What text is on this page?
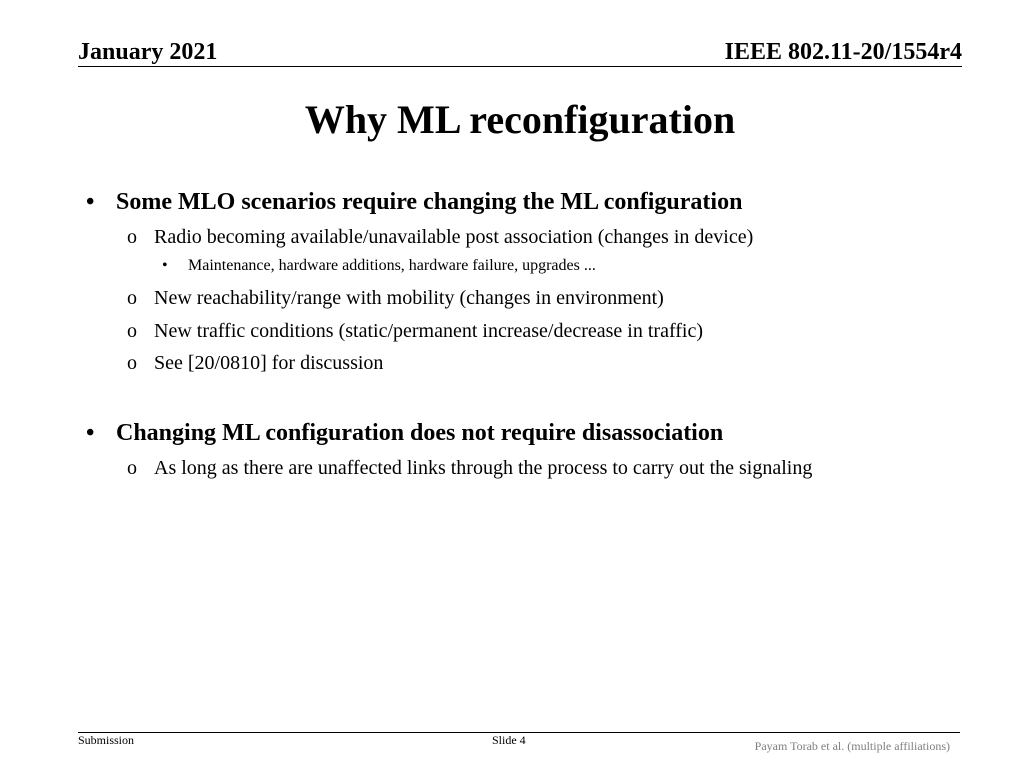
January 2021	IEEE 802.11-20/1554r4
Why ML reconfiguration
• Some MLO scenarios require changing the ML configuration
o Radio becoming available/unavailable post association (changes in device)
• Maintenance, hardware additions, hardware failure, upgrades ...
o New reachability/range with mobility (changes in environment)
o New traffic conditions (static/permanent increase/decrease in traffic)
o See [20/0810] for discussion
• Changing ML configuration does not require disassociation
o As long as there are unaffected links through the process to carry out the signaling
Submission	Slide 4	Payam Torab et al. (multiple affiliations)
